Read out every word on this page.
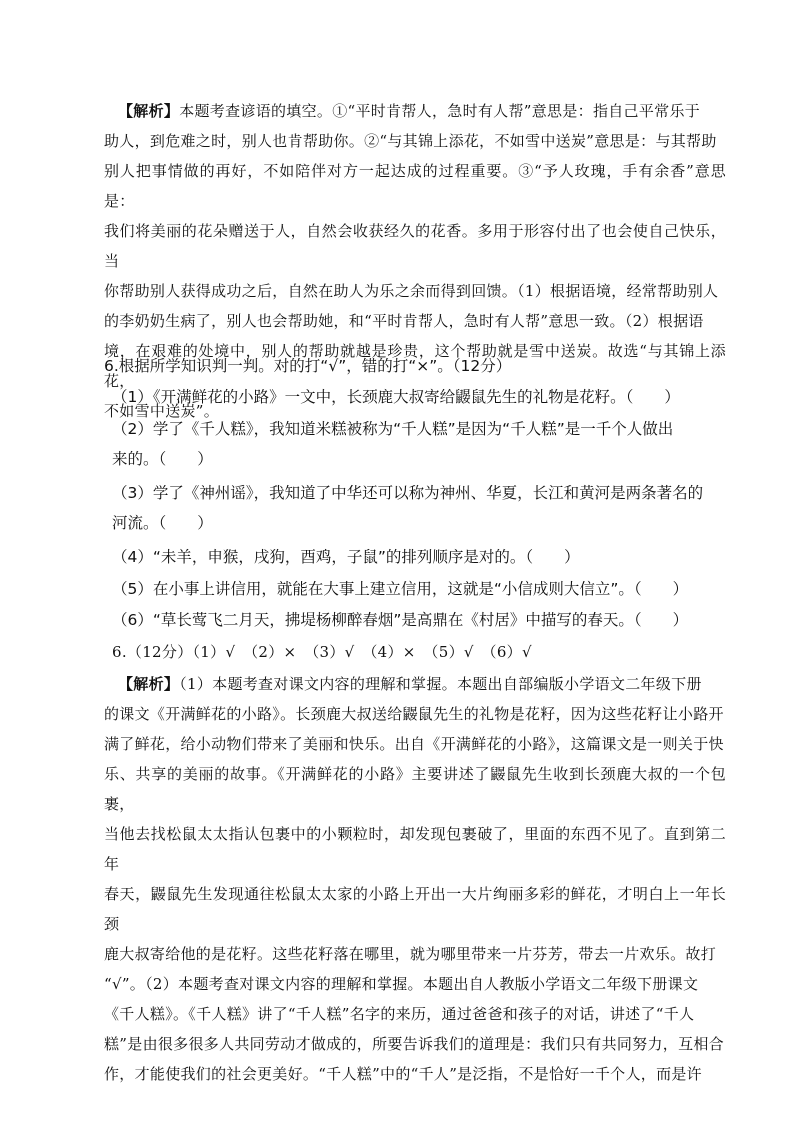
【解析】本题考查谚语的填空。①“平时肯帮人，急时有人帮”意思是：指自己平常乐于
助人，到危难之时，别人也肯帮助你。②“与其锦上添花，不如雪中送炭”意思是：与其帮助
别人把事情做的再好，不如陪伴对方一起达成的过程重要。③“予人玫瑰，手有余香”意思是：
我们将美丽的花朵赠送于人，自然会收获经久的花香。多用于形容付出了也会使自己快乐，当
你帮助别人获得成功之后，自然在助人为乐之余而得到回馈。（1）根据语境，经常帮助别人
的李奶奶生病了，别人也会帮助她，和“平时肯帮人，急时有人帮”意思一致。（2）根据语
境，在艰难的处境中，别人的帮助就越是珍贵，这个帮助就是雪中送炭。故选“与其锦上添花，
不如雪中送炭”。
6.根据所学知识判一判。对的打“√”，错的打“×”。（12分）
（1）《开满鲜花的小路》一文中，长颈鹿大叔寄给鼹鼠先生的礼物是花籽。（　　）
（2）学了《千人糕》，我知道米糕被称为“千人糕”是因为“千人糕”是一千个人做出
来的。（　　）
（3）学了《神州谣》，我知道了中华还可以称为神州、华夏，长江和黄河是两条著名的
河流。（　　）
（4）“未羊，申猴，戌狗，酉鸡，子鼠”的排列顺序是对的。（　　）
（5）在小事上讲信用，就能在大事上建立信用，这就是“小信成则大信立”。（　　）
（6）“草长莺飞二月天，拂堤杨柳醉春烟”是高鼎在《村居》中描写的春天。（　　）
6.（12分）（1）√　（2）×　（3）√　（4）×　（5）√　（6）√
【解析】（1）本题考查对课文内容的理解和掌握。本题出自部编版小学语文二年级下册
的课文《开满鲜花的小路》。长颈鹿大叔送给鼹鼠先生的礼物是花籽，因为这些花籽让小路开
满了鲜花，给小动物们带来了美丽和快乐。出自《开满鲜花的小路》，这篇课文是一则关于快
乐、共享的美丽的故事。《开满鲜花的小路》主要讲述了鼹鼠先生收到长颈鹿大叔的一个包裹，
当他去找松鼠太太指认包裹中的小颗粒时，却发现包裹破了，里面的东西不见了。直到第二年
春天，鼹鼠先生发现通往松鼠太太家的小路上开出一大片绚丽多彩的鲜花，才明白上一年长颈
鹿大叔寄给他的是花籽。这些花籽落在哪里，就为哪里带来一片芬芳，带去一片欢乐。故打
“√”。（2）本题考查对课文内容的理解和掌握。本题出自人教版小学语文二年级下册课文
《千人糕》。《千人糕》讲了“千人糕”名字的来历，通过爸爸和孩子的对话，讲述了“千人
糕”是由很多很多人共同劳动才做成的，所要告诉我们的道理是：我们只有共同努力，互相合
作，才能使我们的社会更美好。“千人糕”中的“千人”是泛指，不是恰好一千个人，而是许
